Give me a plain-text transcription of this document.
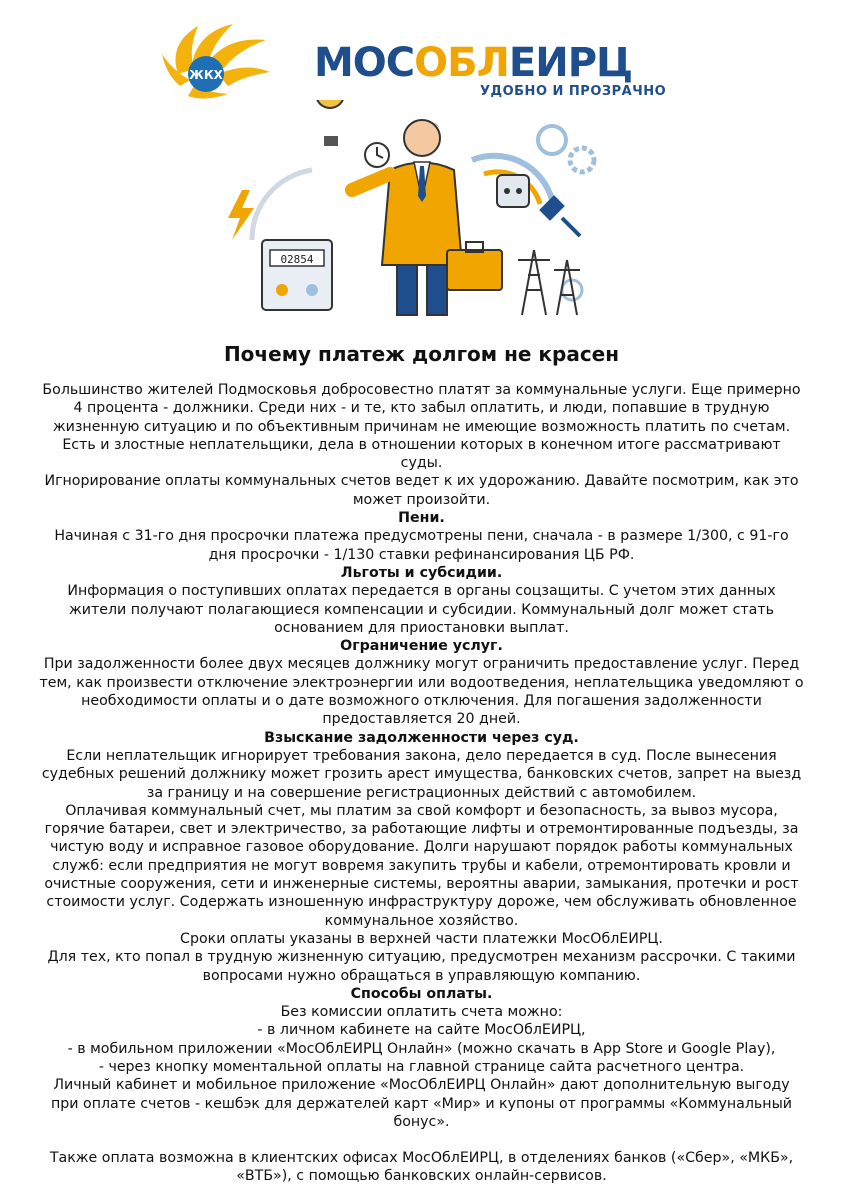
ЖКХ МОСОБЛЕИРЦ
УДОБНО И ПРОЗРАЧНО
02854
Почему платеж долгом не красен

Большинство жителей Подмосковья добросовестно платят за коммунальные услуги. Еще примерно

4 процента - должники. Среди них - и те, кто забыл оплатить, и люди, попавшие в трудную

жизненную ситуацию и по объективным причинам не имеющие возможность платить по счетам.

Есть и злостные неплательщики, дела в отношении которых в конечном итоге рассматривают

суды.

Игнорирование оплаты коммунальных счетов ведет к их удорожанию. Давайте посмотрим, как это

может произойти.

Пени.

Начиная с 31-го дня просрочки платежа предусмотрены пени, сначала - в размере 1/300, с 91-го

дня просрочки - 1/130 ставки рефинансирования ЦБ РФ.

Льготы и субсидии.

Информация о поступивших оплатах передается в органы соцзащиты. С учетом этих данных

жители получают полагающиеся компенсации и субсидии. Коммунальный долг может стать

основанием для приостановки выплат.

Ограничение услуг.

При задолженности более двух месяцев должнику могут ограничить предоставление услуг. Перед

тем, как произвести отключение электроэнергии или водоотведения, неплательщика уведомляют о

необходимости оплаты и о дате возможного отключения. Для погашения задолженности

предоставляется 20 дней.

Взыскание задолженности через суд.

Если неплательщик игнорирует требования закона, дело передается в суд. После вынесения

судебных решений должнику может грозить арест имущества, банковских счетов, запрет на выезд

за границу и на совершение регистрационных действий с автомобилем.

Оплачивая коммунальный счет, мы платим за свой комфорт и безопасность, за вывоз мусора,

горячие батареи, свет и электричество, за работающие лифты и отремонтированные подъезды, за

чистую воду и исправное газовое оборудование. Долги нарушают порядок работы коммунальных

служб: если предприятия не могут вовремя закупить трубы и кабели, отремонтировать кровли и

очистные сооружения, сети и инженерные системы, вероятны аварии, замыкания, протечки и рост

стоимости услуг. Содержать изношенную инфраструктуру дороже, чем обслуживать обновленное

коммунальное хозяйство.

Сроки оплаты указаны в верхней части платежки МосОблЕИРЦ.

Для тех, кто попал в трудную жизненную ситуацию, предусмотрен механизм рассрочки. С такими

вопросами нужно обращаться в управляющую компанию.

Способы оплаты.

Без комиссии оплатить счета можно:

- в личном кабинете на сайте МосОблЕИРЦ,

- в мобильном приложении «МосОблЕИРЦ Онлайн» (можно скачать в App Store и Google Play),

- через кнопку моментальной оплаты на главной странице сайта расчетного центра.

Личный кабинет и мобильное приложение «МосОблЕИРЦ Онлайн» дают дополнительную выгоду

при оплате счетов - кешбэк для держателей карт «Мир» и купоны от программы «Коммунальный

бонус».

Также оплата возможна в клиентских офисах МосОблЕИРЦ, в отделениях банков («Сбер», «МКБ»,

«ВТБ»), с помощью банковских онлайн-сервисов.
